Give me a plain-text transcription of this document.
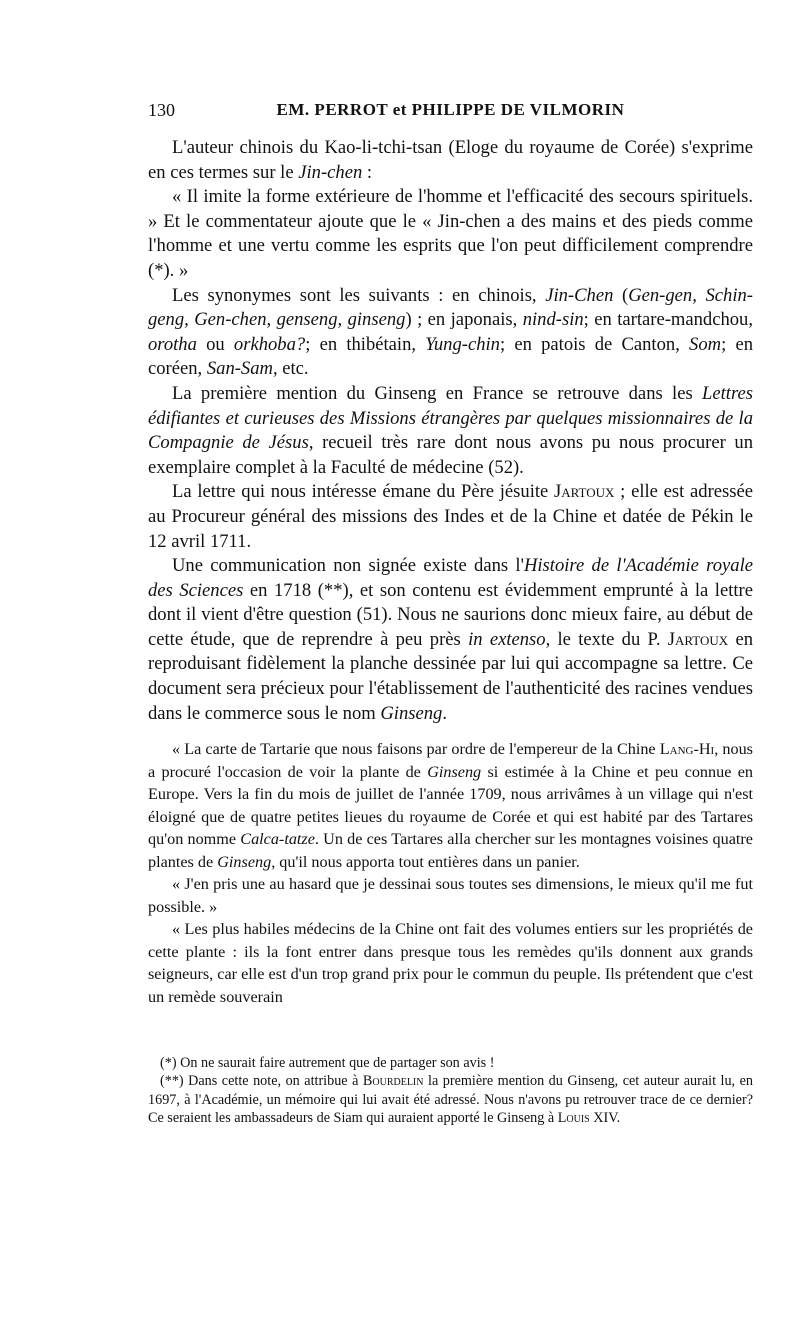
130	EM. PERROT et PHILIPPE DE VILMORIN

L'auteur chinois du Kao-li-tchi-tsan (Eloge du royaume de Corée) s'exprime en ces termes sur le Jin-chen :

« Il imite la forme extérieure de l'homme et l'efficacité des secours spirituels. » Et le commentateur ajoute que le « Jin-chen a des mains et des pieds comme l'homme et une vertu comme les esprits que l'on peut difficilement comprendre (*). »

Les synonymes sont les suivants : en chinois, Jin-Chen (Gen-gen, Schin-geng, Gen-chen, genseng, ginseng) ; en japonais, nind-sin; en tartare-mandchou, orotha ou orkhoba?; en thibétain, Yung-chin; en patois de Canton, Som; en coréen, San-Sam, etc.

La première mention du Ginseng en France se retrouve dans les Lettres édifiantes et curieuses des Missions étrangères par quelques missionnaires de la Compagnie de Jésus, recueil très rare dont nous avons pu nous procurer un exemplaire complet à la Faculté de médecine (52).

La lettre qui nous intéresse émane du Père jésuite Jartoux ; elle est adressée au Procureur général des missions des Indes et de la Chine et datée de Pékin le 12 avril 1711.

Une communication non signée existe dans l'Histoire de l'Académie royale des Sciences en 1718 (**), et son contenu est évidemment emprunté à la lettre dont il vient d'être question (51). Nous ne saurions donc mieux faire, au début de cette étude, que de reprendre à peu près in extenso, le texte du P. Jartoux en reproduisant fidèlement la planche dessinée par lui qui accompagne sa lettre. Ce document sera précieux pour l'établissement de l'authenticité des racines vendues dans le commerce sous le nom Ginseng.

« La carte de Tartarie que nous faisons par ordre de l'empereur de la Chine Lang-Hi, nous a procuré l'occasion de voir la plante de Ginseng si estimée à la Chine et peu connue en Europe. Vers la fin du mois de juillet de l'année 1709, nous arrivâmes à un village qui n'est éloigné que de quatre petites lieues du royaume de Corée et qui est habité par des Tartares qu'on nomme Calca-tatze. Un de ces Tartares alla chercher sur les montagnes voisines quatre plantes de Ginseng, qu'il nous apporta tout entières dans un panier.

« J'en pris une au hasard que je dessinai sous toutes ses dimensions, le mieux qu'il me fut possible. »

« Les plus habiles médecins de la Chine ont fait des volumes entiers sur les propriétés de cette plante : ils la font entrer dans presque tous les remèdes qu'ils donnent aux grands seigneurs, car elle est d'un trop grand prix pour le commun du peuple. Ils prétendent que c'est un remède souverain

(*) On ne saurait faire autrement que de partager son avis !

(**) Dans cette note, on attribue à Bourdelin la première mention du Ginseng, cet auteur aurait lu, en 1697, à l'Académie, un mémoire qui lui avait été adressé. Nous n'avons pu retrouver trace de ce dernier? Ce seraient les ambassadeurs de Siam qui auraient apporté le Ginseng à Louis XIV.
